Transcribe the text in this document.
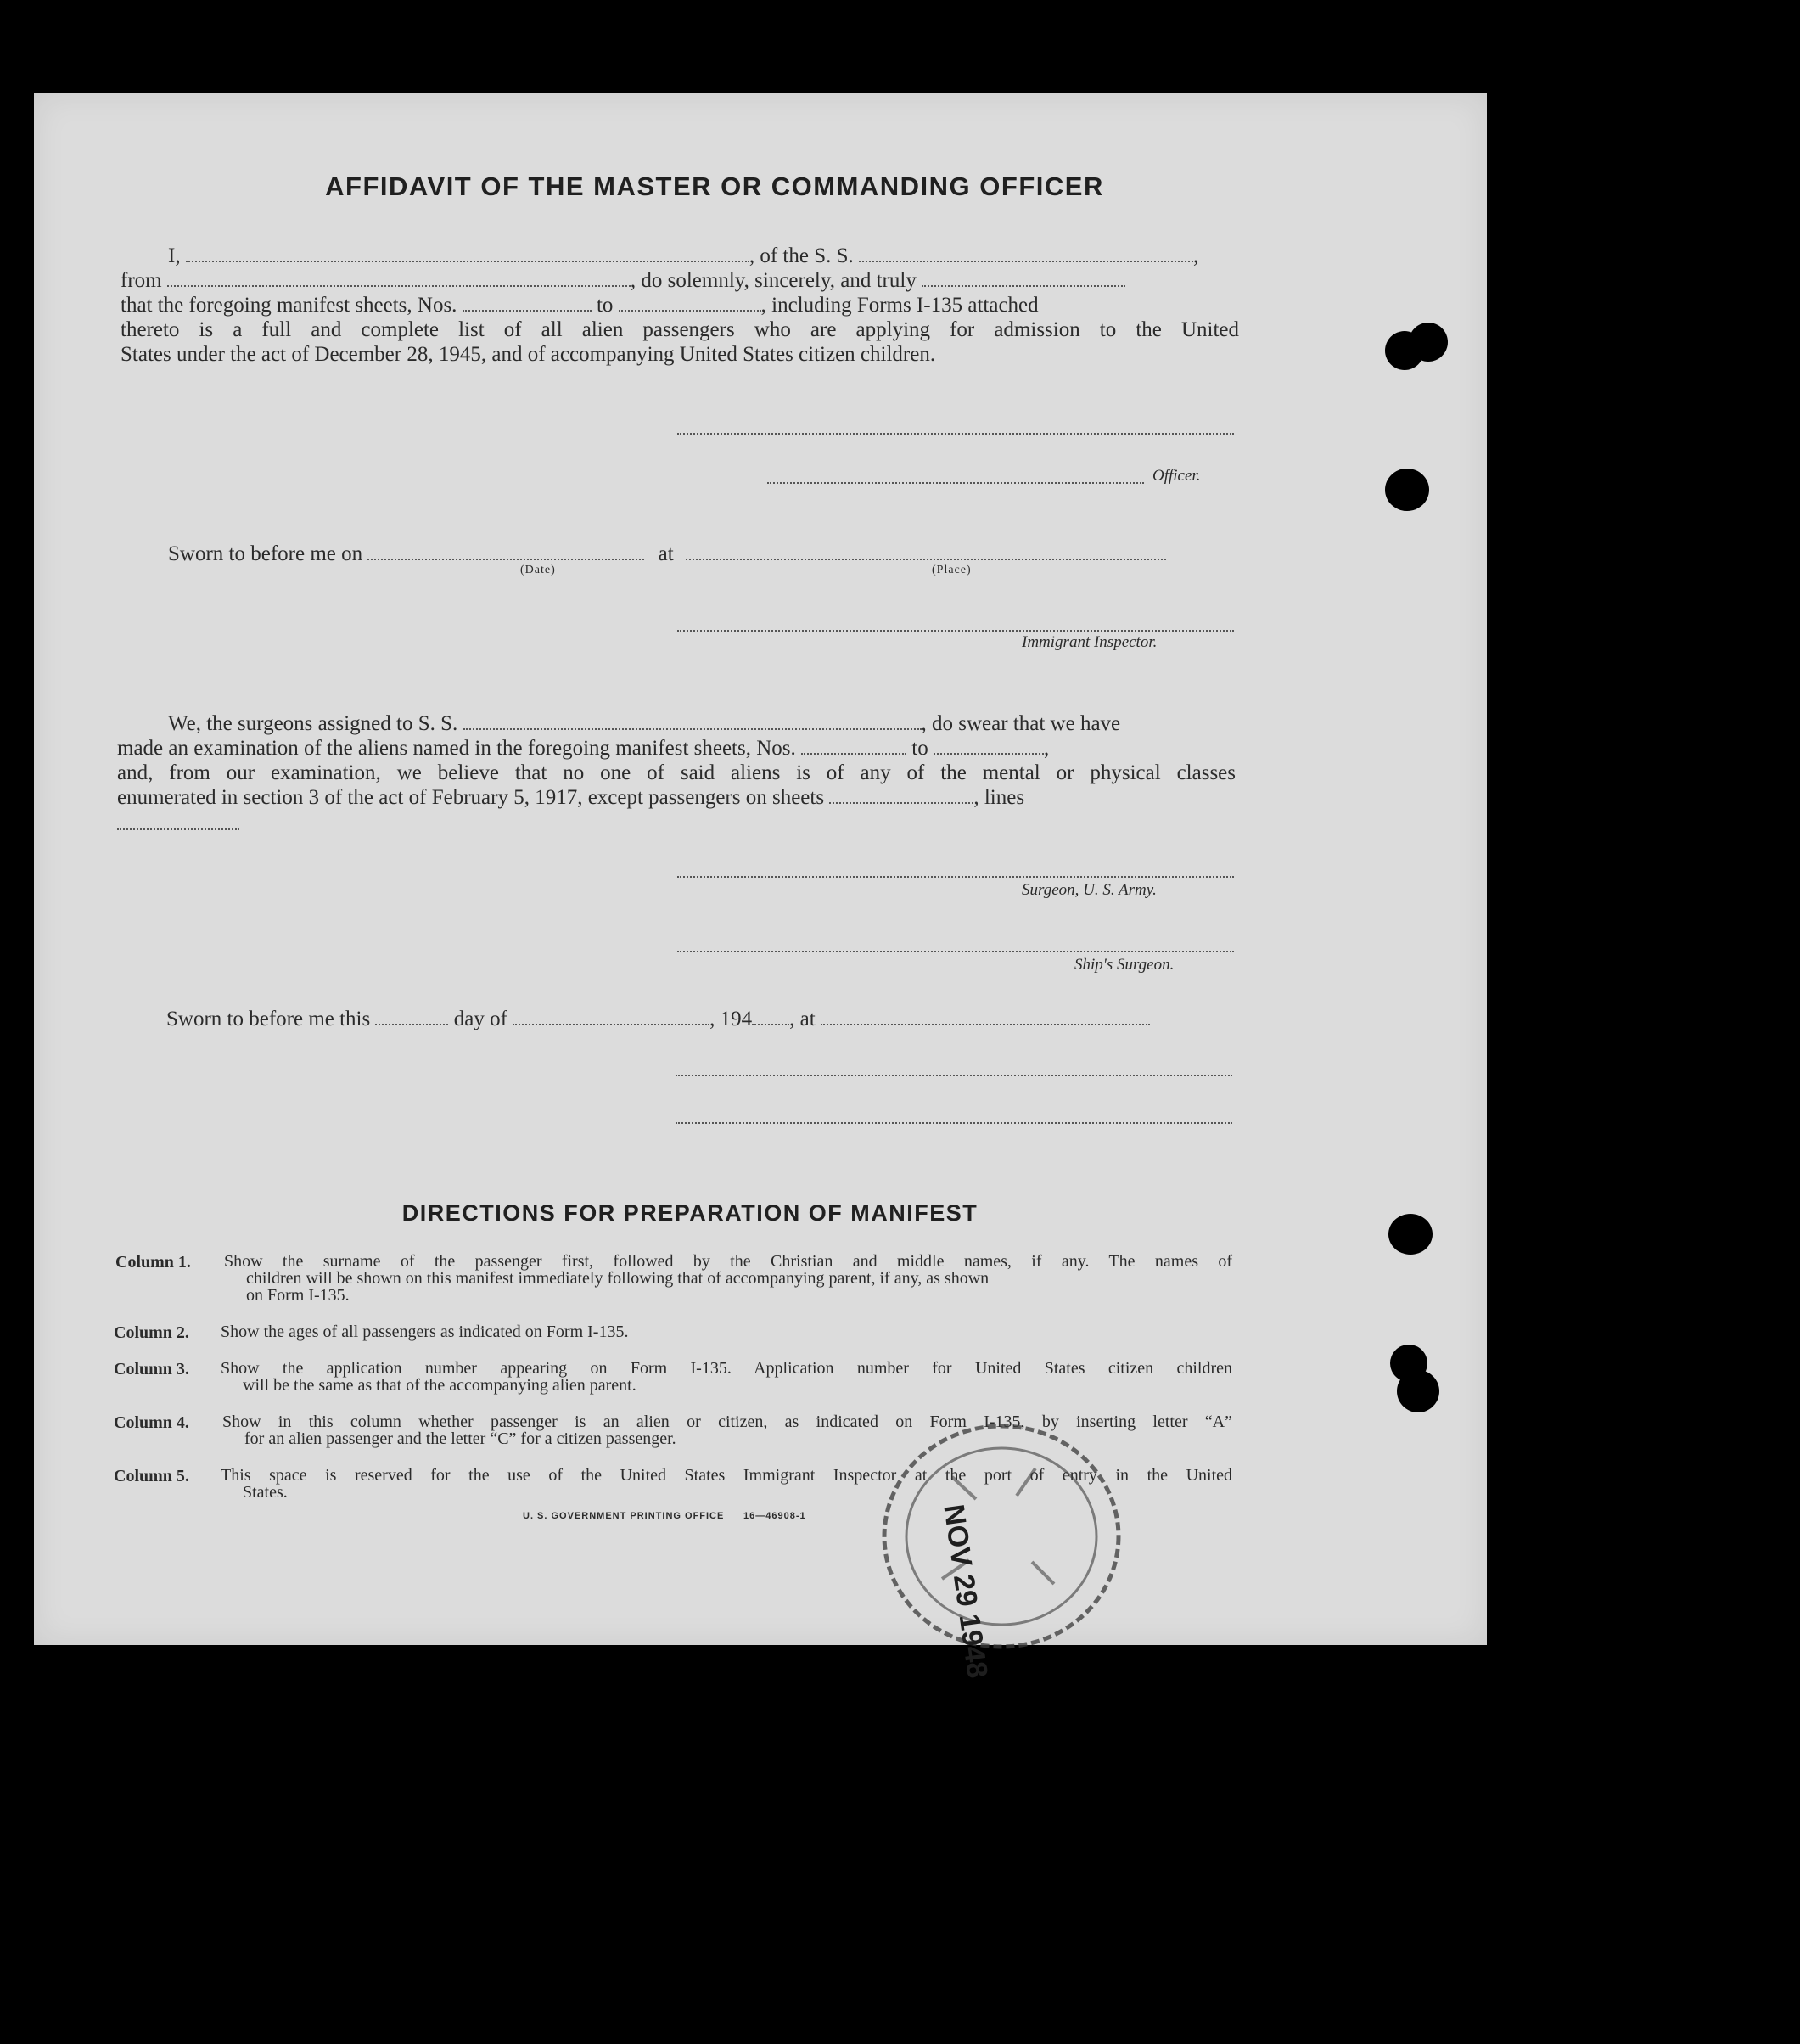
AFFIDAVIT OF THE MASTER OR COMMANDING OFFICER
I,	, of the S. S.	,
from	, do solemnly, sincerely, and truly
that the foregoing manifest sheets, Nos.	to	, including Forms I-135 attached
thereto is a full and complete list of all alien passengers who are applying for admission to the United
States under the act of December 28, 1945, and of accompanying United States citizen children.
Officer.
Sworn to before me on	at
(Date)	(Place)
Immigrant Inspector.
We, the surgeons assigned to S. S.	, do swear that we have
made an examination of the aliens named in the foregoing manifest sheets, Nos.	to	,
and, from our examination, we believe that no one of said aliens is of any of the mental or physical classes
enumerated in section 3 of the act of February 5, 1917, except passengers on sheets	, lines
Surgeon, U. S. Army.
Ship's Surgeon.
Sworn to before me this	day of	, 194 , at
DIRECTIONS FOR PREPARATION OF MANIFEST
Column 1. Show the surname of the passenger first, followed by the Christian and middle names, if any. The names of
children will be shown on this manifest immediately following that of accompanying parent, if any, as shown
on Form I-135.
Column 2. Show the ages of all passengers as indicated on Form I-135.
Column 3. Show the application number appearing on Form I-135. Application number for United States citizen children
will be the same as that of the accompanying alien parent.
Column 4. Show in this column whether passenger is an alien or citizen, as indicated on Form I-135, by inserting letter “A”
for an alien passenger and the letter “C” for a citizen passenger.
Column 5. This space is reserved for the use of the United States Immigrant Inspector at the port of entry in the United
States.
U. S. GOVERNMENT PRINTING OFFICE 16—46908-1	NOV 29 1948
